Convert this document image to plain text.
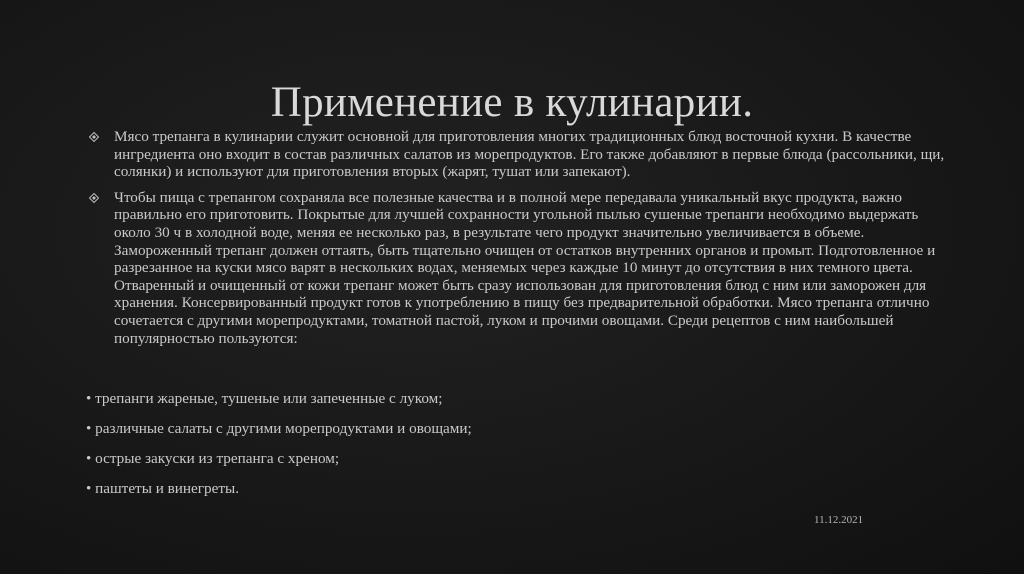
Применение в кулинарии.

Мясо трепанга в кулинарии служит основной для приготовления многих традиционных блюд восточной кухни. В качестве ингредиента оно входит в состав различных салатов из морепродуктов. Его также добавляют в первые блюда (рассольники, щи, солянки) и используют для приготовления вторых (жарят, тушат или запекают).

Чтобы пища с трепангом сохраняла все полезные качества и в полной мере передавала уникальный вкус продукта, важно правильно его приготовить. Покрытые для лучшей сохранности угольной пылью сушеные трепанги необходимо выдержать около 30 ч в холодной воде, меняя ее несколько раз, в результате чего продукт значительно увеличивается в объеме. Замороженный трепанг должен оттаять, быть тщательно очищен от остатков внутренних органов и промыт. Подготовленное и разрезанное на куски мясо варят в нескольких водах, меняемых через каждые 10 минут до отсутствия в них темного цвета. Отваренный и очищенный от кожи трепанг может быть сразу использован для приготовления блюд с ним или заморожен для хранения. Консервированный продукт готов к употреблению в пищу без предварительной обработки. Мясо трепанга отлично сочетается с другими морепродуктами, томатной пастой, луком и прочими овощами. Среди рецептов с ним наибольшей популярностью пользуются:

• трепанги жареные, тушеные или запеченные с луком;
• различные салаты с другими морепродуктами и овощами;
• острые закуски из трепанга с хреном;
• паштеты и винегреты.
11.12.2021
